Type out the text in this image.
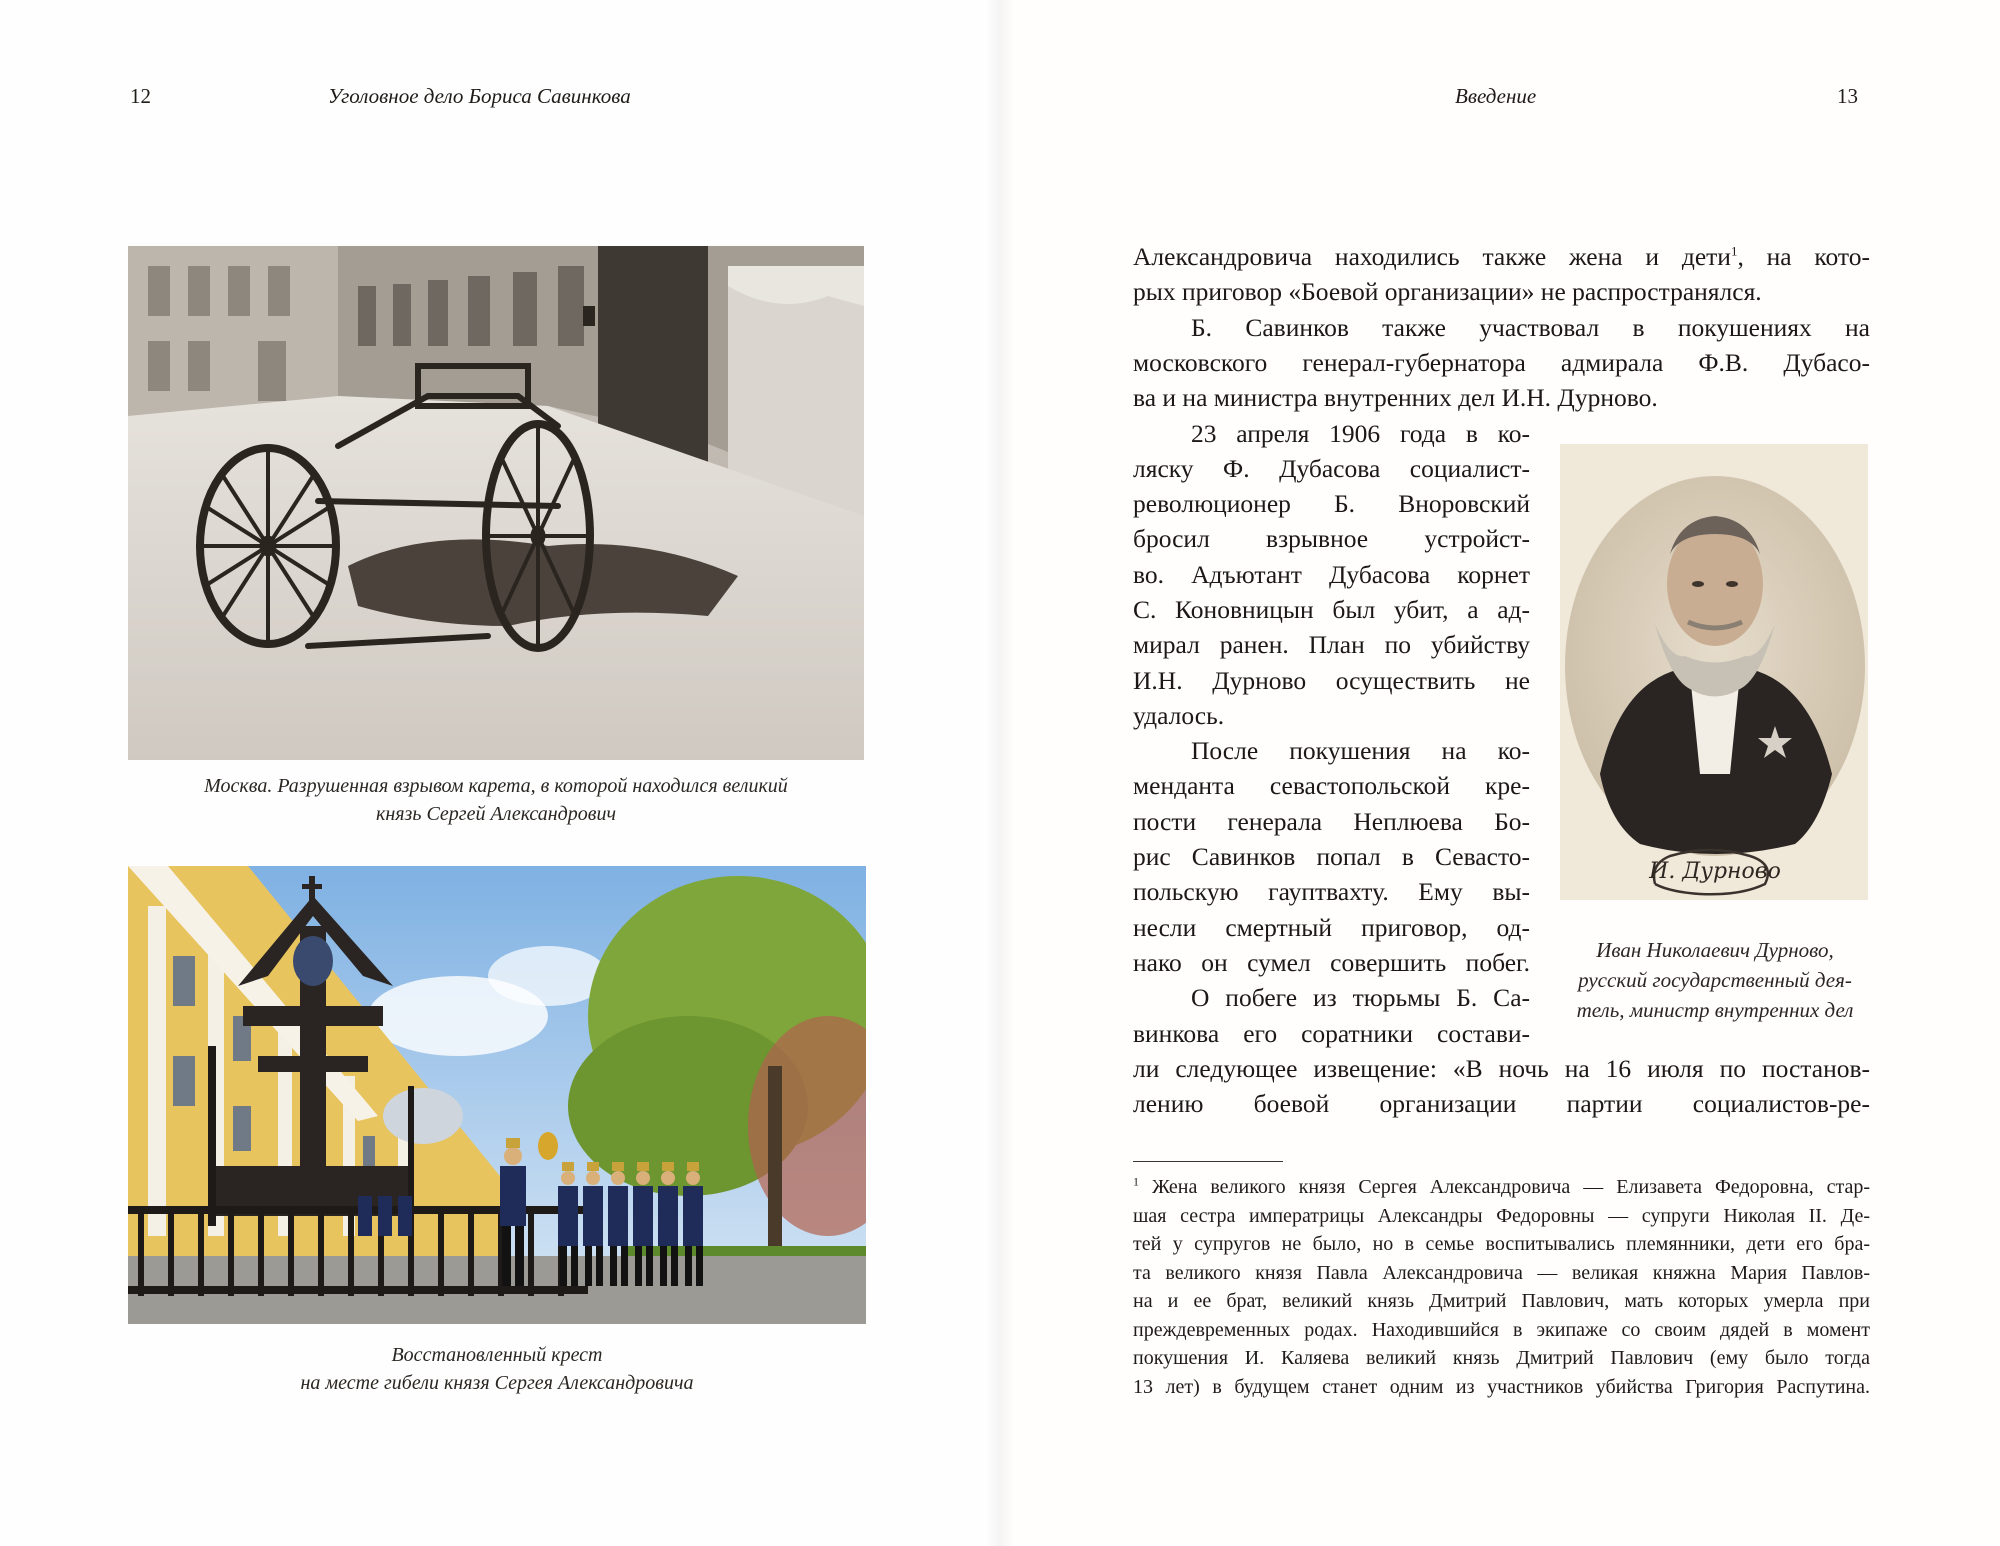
12	Уголовное дело Бориса Савинкова
Москва. Разрушенная взрывом карета, в которой находился великий
князь Сергей Александрович
Восстановленный крест
на месте гибели князя Сергея Александровича
Введение	13
Александровича находились также жена и дети$^1$, на кото-
рых приговор «Боевой организации» не распространялся.
Б. Савинков также участвовал в покушениях на
московского генерал-губернатора адмирала Ф.В. Дубасо-
ва и на министра внутренних дел И.Н. Дурново.
23 апреля 1906 года в ко-
ляску Ф. Дубасова социалист-
революционер Б. Вноровский
бросил взрывное устройст-
во. Адъютант Дубасова корнет
С. Коновницын был убит, а ад-
мирал ранен. План по убийству
И.Н. Дурново осуществить не
удалось.
После покушения на ко-
менданта севастопольской кре-
пости генерала Неплюева Бо-
рис Савинков попал в Севасто-
польскую гауптвахту. Ему вы-
несли смертный приговор, од-
нако он сумел совершить побег.
О побеге из тюрьмы Б. Са-
винкова его соратники состави-
ли следующее извещение: «В ночь на 16 июля по постанов-
лению боевой организации партии социалистов-ре-
И. Дурново
Иван Николаевич Дурново,
русский государственный дея-
тель, министр внутренних дел
$^1$ Жена великого князя Сергея Александровича — Елизавета Федоровна, стар-
шая сестра императрицы Александры Федоровны — супруги Николая II. Де-
тей у супругов не было, но в семье воспитывались племянники, дети его бра-
та великого князя Павла Александровича — великая княжна Мария Павлов-
на и ее брат, великий князь Дмитрий Павлович, мать которых умерла при
преждевременных родах. Находившийся в экипаже со своим дядей в момент
покушения И. Каляева великий князь Дмитрий Павлович (ему было тогда
13 лет) в будущем станет одним из участников убийства Григория Распутина.
